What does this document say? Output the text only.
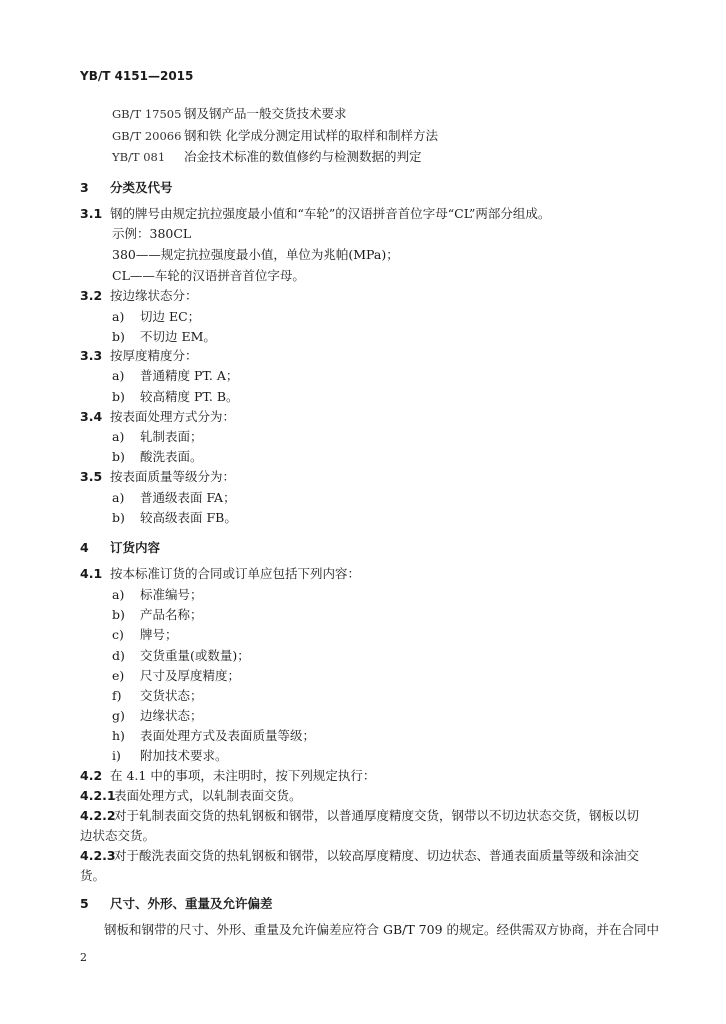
YB/T 4151—2015
GB/T 17505 钢及钢产品一般交货技术要求
GB/T 20066 钢和铁 化学成分测定用试样的取样和制样方法
YB/T 081 冶金技术标准的数值修约与检测数据的判定
3 分类及代号
3.1 钢的牌号由规定抗拉强度最小值和“车轮”的汉语拼音首位字母“CL”两部分组成。
示例：380CL
380——规定抗拉强度最小值，单位为兆帕(MPa)；
CL——车轮的汉语拼音首位字母。
3.2 按边缘状态分：
a) 切边 EC；
b) 不切边 EM。
3.3 按厚度精度分：
a) 普通精度 PT. A；
b) 较高精度 PT. B。
3.4 按表面处理方式分为：
a) 轧制表面；
b) 酸洗表面。
3.5 按表面质量等级分为：
a) 普通级表面 FA；
b) 较高级表面 FB。
4 订货内容
4.1 按本标准订货的合同或订单应包括下列内容：
a) 标准编号；
b) 产品名称；
c) 牌号；
d) 交货重量(或数量)；
e) 尺寸及厚度精度；
f) 交货状态；
g) 边缘状态；
h) 表面处理方式及表面质量等级；
i) 附加技术要求。
4.2 在 4.1 中的事项，未注明时，按下列规定执行：
4.2.1表面处理方式，以轧制表面交货。
4.2.2对于轧制表面交货的热轧钢板和钢带，以普通厚度精度交货，钢带以不切边状态交货，钢板以切
边状态交货。
4.2.3对于酸洗表面交货的热轧钢板和钢带，以较高厚度精度、切边状态、普通表面质量等级和涂油交
货。
5 尺寸、外形、重量及允许偏差
钢板和钢带的尺寸、外形、重量及允许偏差应符合 GB/T 709 的规定。经供需双方协商，并在合同中
2
